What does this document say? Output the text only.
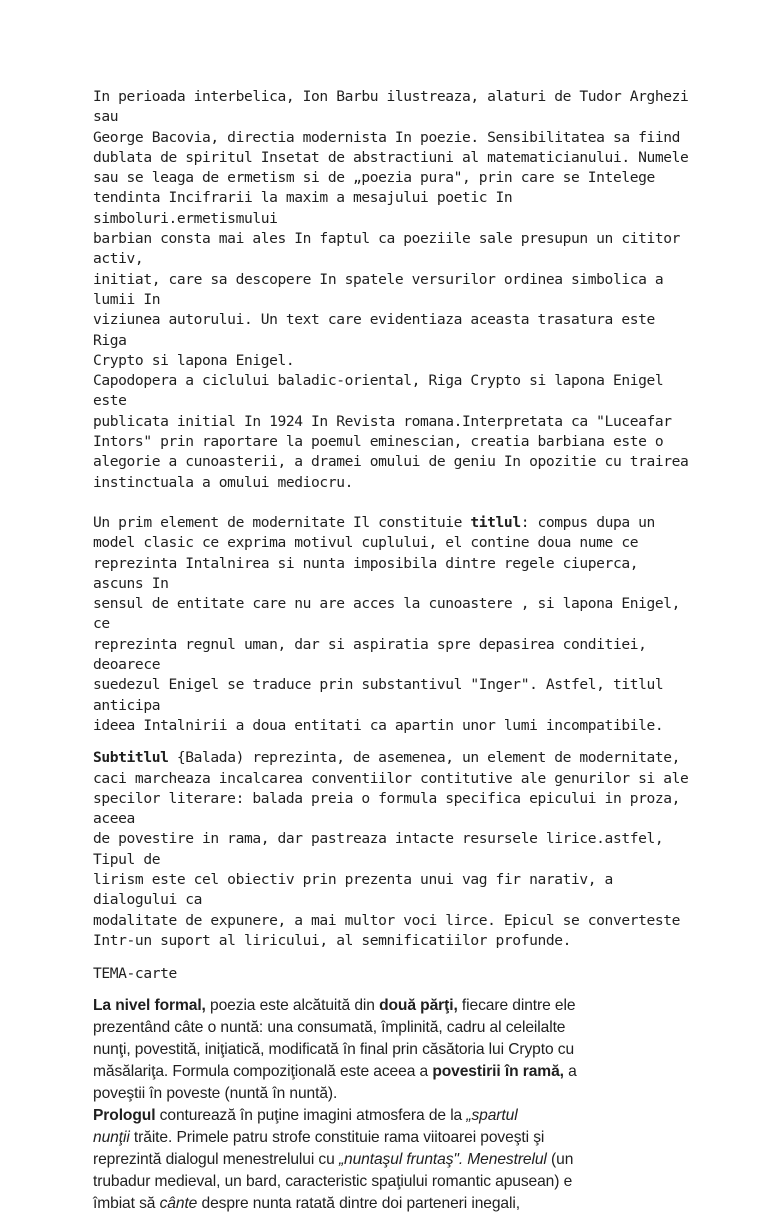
In perioada interbelica, Ion Barbu ilustreaza, alaturi de Tudor Arghezi sau
George Bacovia, directia modernista In poezie. Sensibilitatea sa fiind
dublata de spiritul Insetat de abstractiuni al matematicianului. Numele
sau se leaga de ermetism si de „poezia pura", prin care se Intelege
tendinta Incifrarii la maxim a mesajului poetic In simboluri.ermetismului
barbian consta mai ales In faptul ca poeziile sale presupun un cititor activ,
initiat, care sa descopere In spatele versurilor ordinea simbolica a lumii In
viziunea autorului. Un text care evidentiaza aceasta trasatura este Riga
Crypto si lapona Enigel.
Capodopera a ciclului baladic-oriental, Riga Crypto si lapona Enigel este
publicata initial In 1924 In Revista romana.Interpretata ca "Luceafar
Intors" prin raportare la poemul eminescian, creatia barbiana este o
alegorie a cunoasterii, a dramei omului de geniu In opozitie cu trairea
instinctuala a omului mediocru.

Un prim element de modernitate Il constituie titlul: compus dupa un
model clasic ce exprima motivul cuplului, el contine doua nume ce
reprezinta Intalnirea si nunta imposibila dintre regele ciuperca, ascuns In
sensul de entitate care nu are acces la cunoastere , si lapona Enigel, ce
reprezinta regnul uman, dar si aspiratia spre depasirea conditiei, deoarece
suedezul Enigel se traduce prin substantivul "Inger". Astfel, titlul anticipa
ideea Intalnirii a doua entitati ca apartin unor lumi incompatibile.

Subtitlul {Balada) reprezinta, de asemenea, un element de modernitate,
caci marcheaza incalcarea conventiilor contitutive ale genurilor si ale
specilor literare: balada preia o formula specifica epicului in proza, aceea
de povestire in rama, dar pastreaza intacte resursele lirice.astfel, Tipul de
lirism este cel obiectiv prin prezenta unui vag fir narativ, a dialogului ca
modalitate de expunere, a mai multor voci lirce. Epicul se converteste
Intr-un suport al liricului, al semnificatiilor profunde.

TEMA-carte

La nivel formal, poezia este alcătuită din două părţi, fiecare dintre ele
prezentând câte o nuntă: una consumată, împlinită, cadru al celeilalte
nunţi, povestită, iniţiatică, modificată în final prin căsătoria lui Crypto cu
măsălariţa. Formula compoziţională este aceea a povestirii în ramă, a
poveştii în poveste (nuntă în nuntă).
Prologul conturează în puţine imagini atmosfera de la „spartul
nunţii trăite. Primele patru strofe constituie rama viitoarei poveşti şi
reprezintă dialogul menestrelului cu „nuntaşul fruntaş". Menestrelul (un
trubadur medieval, un bard, caracteristic spaţiului romantic apusean) e
îmbiat să cânte despre nunta ratată dintre doi parteneri inegali,
